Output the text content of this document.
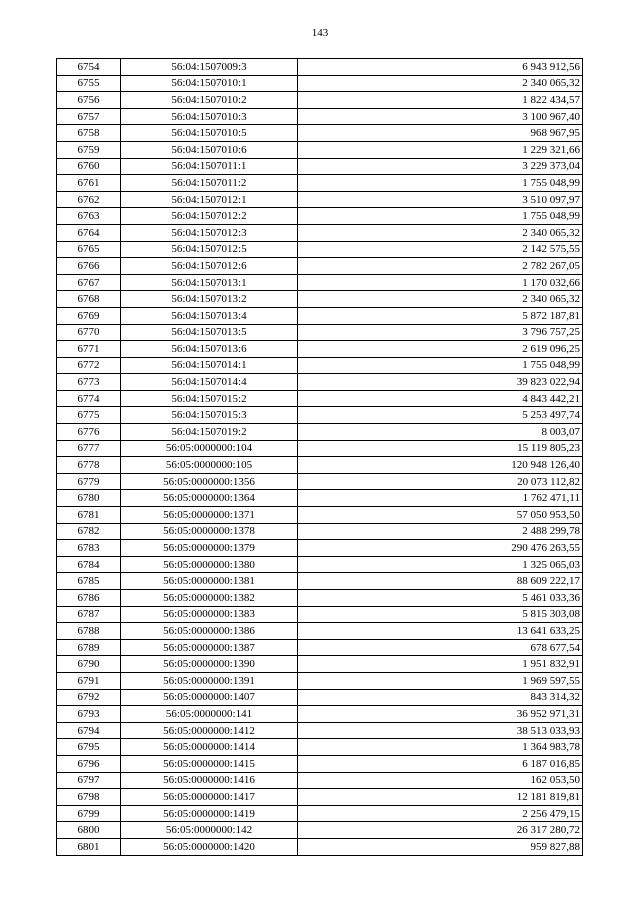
143
6754	56:04:1507009:3	6 943 912,56
6755	56:04:1507010:1	2 340 065,32
6756	56:04:1507010:2	1 822 434,57
6757	56:04:1507010:3	3 100 967,40
6758	56:04:1507010:5	968 967,95
6759	56:04:1507010:6	1 229 321,66
6760	56:04:1507011:1	3 229 373,04
6761	56:04:1507011:2	1 755 048,99
6762	56:04:1507012:1	3 510 097,97
6763	56:04:1507012:2	1 755 048,99
6764	56:04:1507012:3	2 340 065,32
6765	56:04:1507012:5	2 142 575,55
6766	56:04:1507012:6	2 782 267,05
6767	56:04:1507013:1	1 170 032,66
6768	56:04:1507013:2	2 340 065,32
6769	56:04:1507013:4	5 872 187,81
6770	56:04:1507013:5	3 796 757,25
6771	56:04:1507013:6	2 619 096,25
6772	56:04:1507014:1	1 755 048,99
6773	56:04:1507014:4	39 823 022,94
6774	56:04:1507015:2	4 843 442,21
6775	56:04:1507015:3	5 253 497,74
6776	56:04:1507019:2	8 003,07
6777	56:05:0000000:104	15 119 805,23
6778	56:05:0000000:105	120 948 126,40
6779	56:05:0000000:1356	20 073 112,82
6780	56:05:0000000:1364	1 762 471,11
6781	56:05:0000000:1371	57 050 953,50
6782	56:05:0000000:1378	2 488 299,78
6783	56:05:0000000:1379	290 476 263,55
6784	56:05:0000000:1380	1 325 065,03
6785	56:05:0000000:1381	88 609 222,17
6786	56:05:0000000:1382	5 461 033,36
6787	56:05:0000000:1383	5 815 303,08
6788	56:05:0000000:1386	13 641 633,25
6789	56:05:0000000:1387	678 677,54
6790	56:05:0000000:1390	1 951 832,91
6791	56:05:0000000:1391	1 969 597,55
6792	56:05:0000000:1407	843 314,32
6793	56:05:0000000:141	36 952 971,31
6794	56:05:0000000:1412	38 513 033,93
6795	56:05:0000000:1414	1 364 983,78
6796	56:05:0000000:1415	6 187 016,85
6797	56:05:0000000:1416	162 053,50
6798	56:05:0000000:1417	12 181 819,81
6799	56:05:0000000:1419	2 256 479,15
6800	56:05:0000000:142	26 317 280,72
6801	56:05:0000000:1420	959 827,88
